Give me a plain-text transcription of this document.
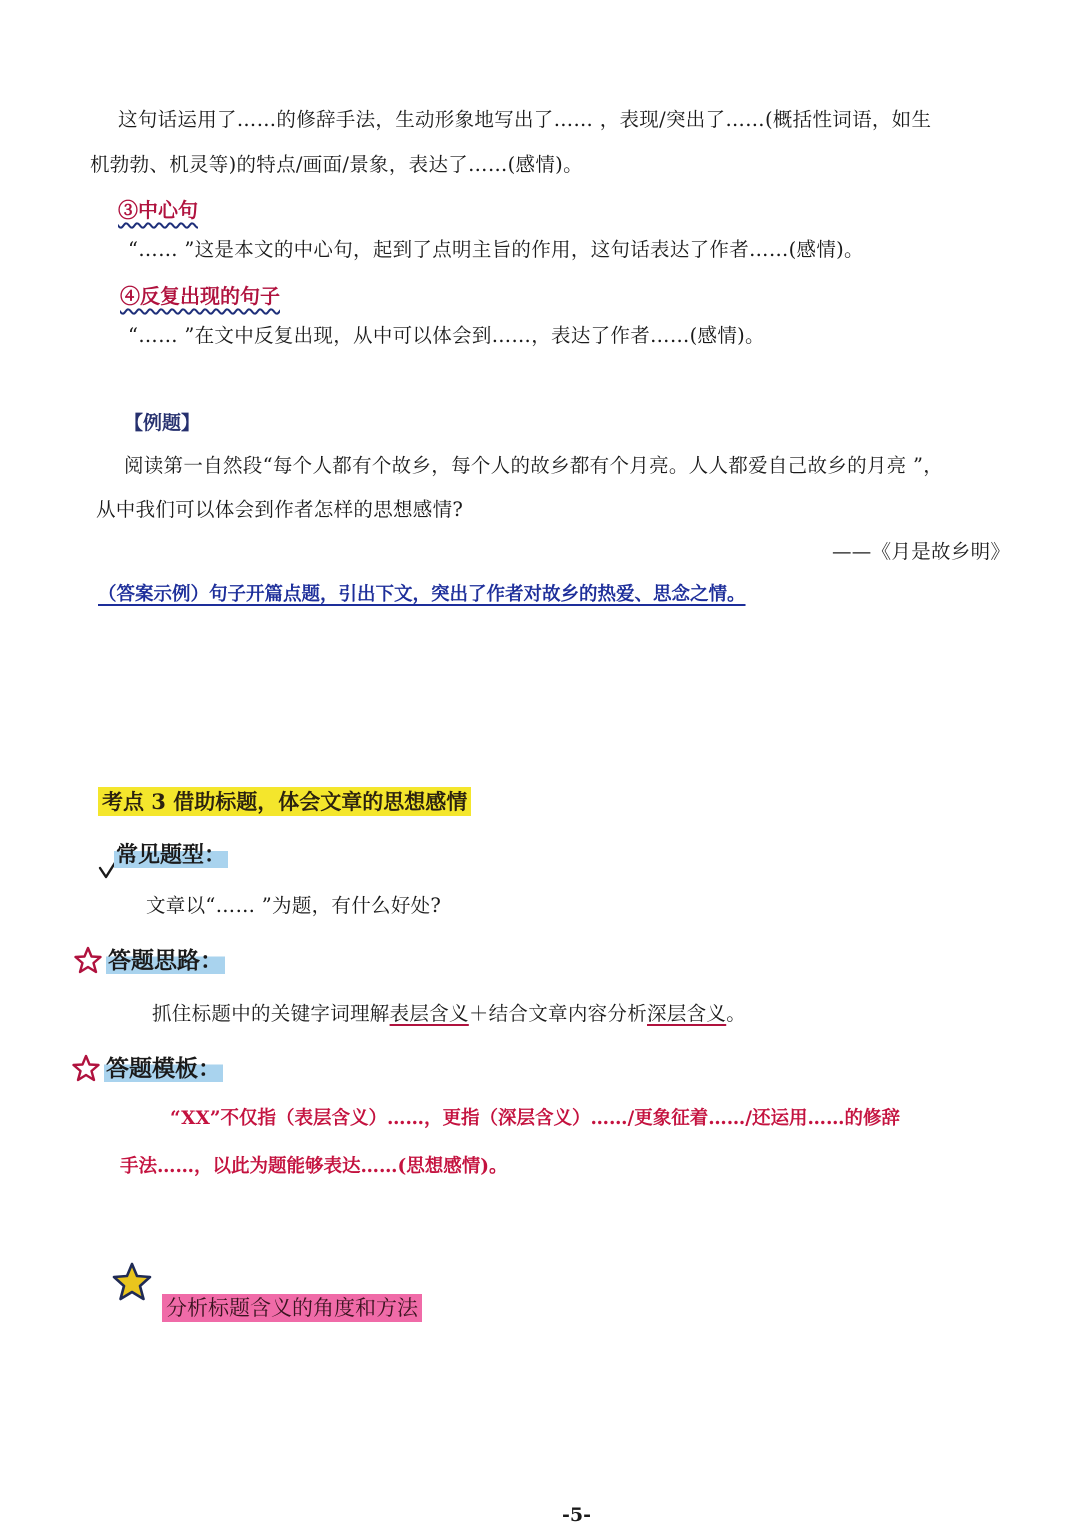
这句话运用了……的修辞手法，生动形象地写出了…… ，表现/突出了……(概括性词语，如生
机勃勃、机灵等)的特点/画面/景象，表达了……(感情)。
③中心句
“…… ”这是本文的中心句，起到了点明主旨的作用，这句话表达了作者……(感情)。
④反复出现的句子
“…… ”在文中反复出现，从中可以体会到……，表达了作者……(感情)。
【例题】
阅读第一自然段“每个人都有个故乡，每个人的故乡都有个月亮。人人都爱自己故乡的月亮 ”，
从中我们可以体会到作者怎样的思想感情?
——《月是故乡明》
（答案示例）句子开篇点题，引出下文，突出了作者对故乡的热爱、思念之情。
考点 3 借助标题，体会文章的思想感情
常见题型：
文章以“…… ”为题，有什么好处?
答题思路：
抓住标题中的关键字词理解表层含义＋结合文章内容分析深层含义。
答题模板：
“XX”不仅指（表层含义）……，更指（深层含义）……/更象征着……/还运用……的修辞
手法……，以此为题能够表达……(思想感情)。
分析标题含义的角度和方法
-5-
